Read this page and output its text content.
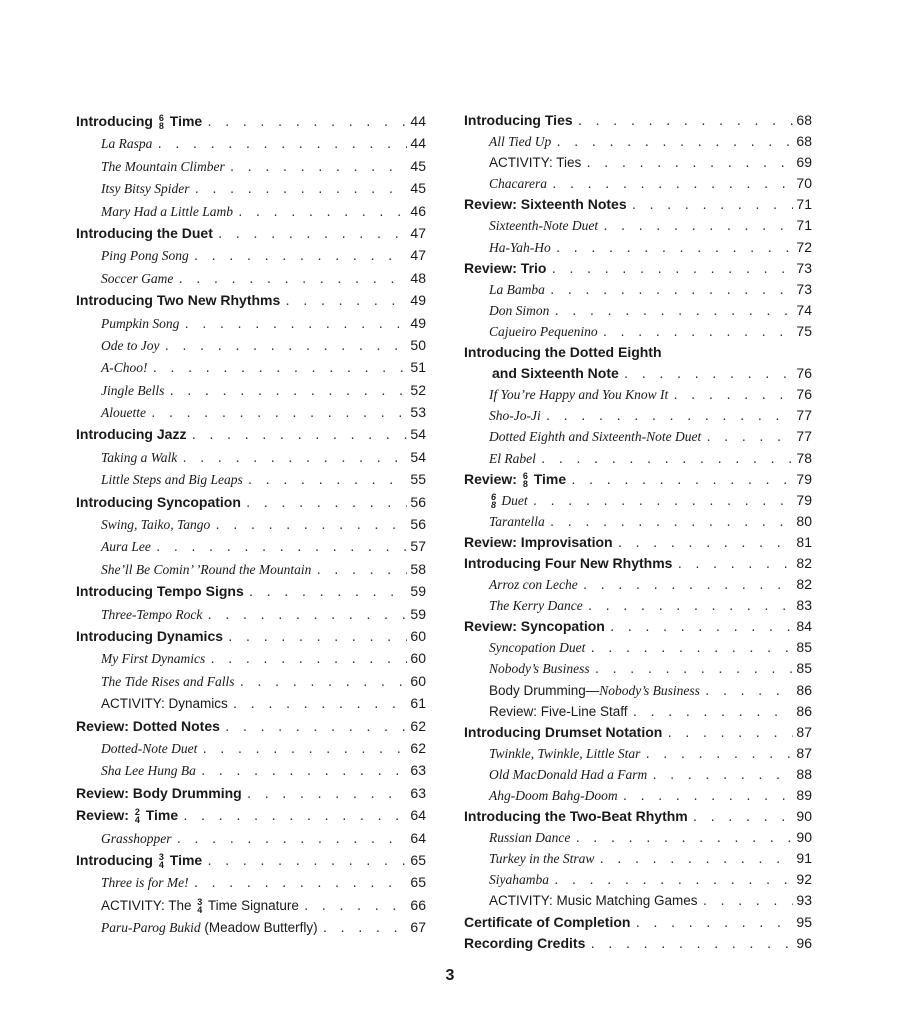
Introducing 6
8 Time . . .	44
La Raspa . . .	44
The Mountain Climber . . .	45
Itsy Bitsy Spider . . .	45
Mary Had a Little Lamb . . .	46
Introducing the Duet . . .	47
Ping Pong Song . . .	47
Soccer Game . . .	48
Introducing Two New Rhythms . . .	49
Pumpkin Song . . .	49
Ode to Joy . . .	50
A-Choo! . . .	51
Jingle Bells . . .	52
Alouette . . .	53
Introducing Jazz . . .	54
Taking a Walk . . .	54
Little Steps and Big Leaps . . .	55
Introducing Syncopation . . .	56
Swing, Taiko, Tango . . .	56
Aura Lee . . .	57
She’ll Be Comin’ ’Round the Mountain . . .	58
Introducing Tempo Signs . . .	59
Three-Tempo Rock . . .	59
Introducing Dynamics . . .	60
My First Dynamics . . .	60
The Tide Rises and Falls . . .	60
ACTIVITY: Dynamics . . .	61
Review: Dotted Notes . . .	62
Dotted-Note Duet . . .	62
Sha Lee Hung Ba . . .	63
Review: Body Drumming . . .	63
Review: 2
4 Time . . .	64
Grasshopper . . .	64
Introducing 3
4 Time . . .	65
Three is for Me! . . .	65
ACTIVITY: The 3
4 Time Signature . . .	66
Paru-Parog Bukid (Meadow Butterfly) . . .	67
Introducing Ties . . .	68
All Tied Up . . .	68
ACTIVITY: Ties . . .	69
Chacarera . . .	70
Review: Sixteenth Notes . . .	71
Sixteenth-Note Duet . . .	71
Ha-Yah-Ho . . .	72
Review: Trio . . .	73
La Bamba . . .	73
Don Simon . . .	74
Cajueiro Pequenino . . .	75
Introducing the Dotted Eighth
and Sixteenth Note . . .	76
If You’re Happy and You Know It . . .	76
Sho-Jo-Ji . . .	77
Dotted Eighth and Sixteenth-Note Duet . . .	77
El Rabel . . .	78
Review: 6
8 Time . . .	79
6
8 Duet . . .	79
Tarantella . . .	80
Review: Improvisation . . .	81
Introducing Four New Rhythms . . .	82
Arroz con Leche . . .	82
The Kerry Dance . . .	83
Review: Syncopation . . .	84
Syncopation Duet . . .	85
Nobody’s Business . . .	85
Body Drumming—Nobody’s Business . . .	86
Review: Five-Line Staff . . .	86
Introducing Drumset Notation . . .	87
Twinkle, Twinkle, Little Star . . .	87
Old MacDonald Had a Farm . . .	88
Ahg-Doom Bahg-Doom . . .	89
Introducing the Two-Beat Rhythm . . .	90
Russian Dance . . .	90
Turkey in the Straw . . .	91
Siyahamba . . .	92
ACTIVITY: Music Matching Games . . .	93
Certificate of Completion . . .	95
Recording Credits . . .	96
3
